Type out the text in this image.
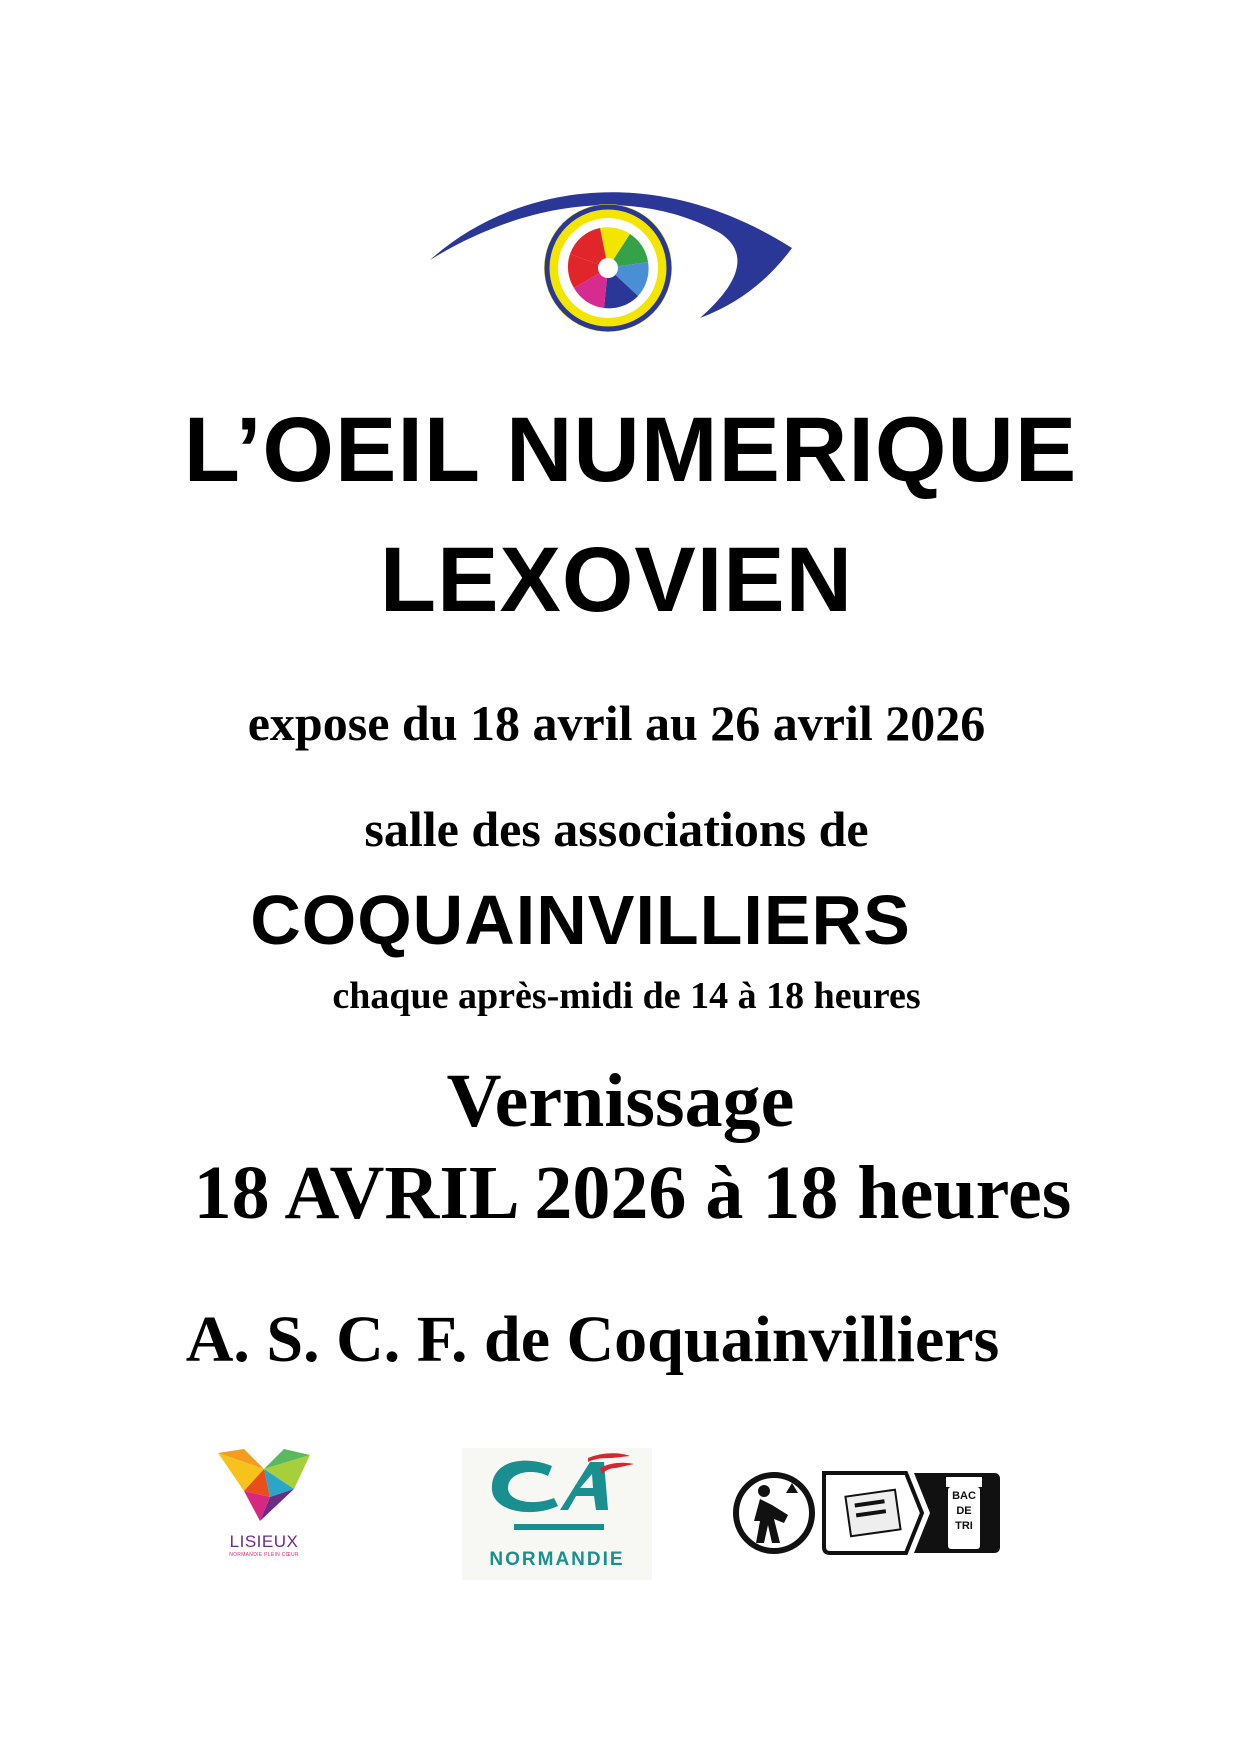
L’OEIL NUMERIQUE
LEXOVIEN
expose du 18 avril au 26 avril 2026
salle des associations de
COQUAINVILLIERS
chaque après-midi de 14 à 18 heures
Vernissage
18 AVRIL 2026 à 18 heures
A. S. C. F. de Coquainvilliers
LISIEUX
NORMANDIE PLEIN CŒUR	NORMANDIE
BAC DE TRI
